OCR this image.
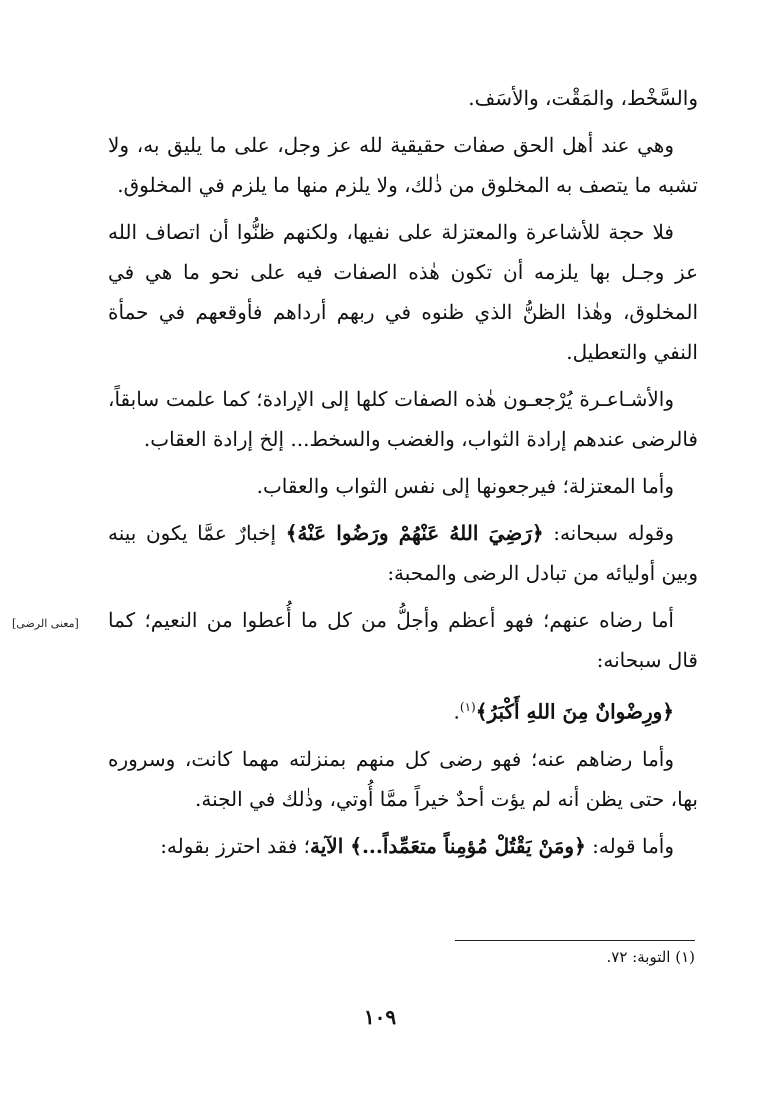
والسَّخْط، والمَقْت، والأسَف.

وهي عند أهل الحق صفات حقيقية لله عز وجل، على ما يليق به، ولا تشبه ما يتصف به المخلوق من ذٰلك، ولا يلزم منها ما يلزم في المخلوق.

فلا حجة للأشاعرة والمعتزلة على نفيها، ولكنهم ظنُّوا أن اتصاف الله عز وجـل بها يلزمه أن تكون هٰذه الصفات فيه على نحو ما هي في المخلوق، وهٰذا الظنُّ الذي ظنوه في ربهم أرداهم فأوقعهم في حمأة النفي والتعطيل.

والأشـاعـرة يُرْجعـون هٰذه الصفات كلها إلى الإرادة؛ كما علمت سابقاً، فالرضى عندهم إرادة الثواب، والغضب والسخط... إلخ إرادة العقاب.

وأما المعتزلة؛ فيرجعونها إلى نفس الثواب والعقاب.

وقوله سبحانه: ﴿رَضِيَ اللهُ عَنْهُمْ ورَضُوا عَنْهُ﴾ إخبارٌ عمَّا يكون بينه وبين أوليائه من تبادل الرضى والمحبة:

أما رضاه عنهم؛ فهو أعظم وأجلُّ من كل ما أُعطوا من النعيم؛ كما قال سبحانه:

﴿ورِضْوانٌ مِنَ اللهِ أَكْبَرُ﴾$^{(١)}$.

وأما رضاهم عنه؛ فهو رضى كل منهم بمنزلته مهما كانت، وسروره بها، حتى يظن أنه لم يؤت أحدٌ خيراً ممَّا أُوتي، وذٰلك في الجنة.

وأما قوله: ﴿ومَنْ يَقْتُلْ مُؤمِناً متعَمِّداً...﴾ الآية؛ فقد احترز بقوله:

[معنى الرضى]
(١) التوبة: ٧٢.
١٠٩
